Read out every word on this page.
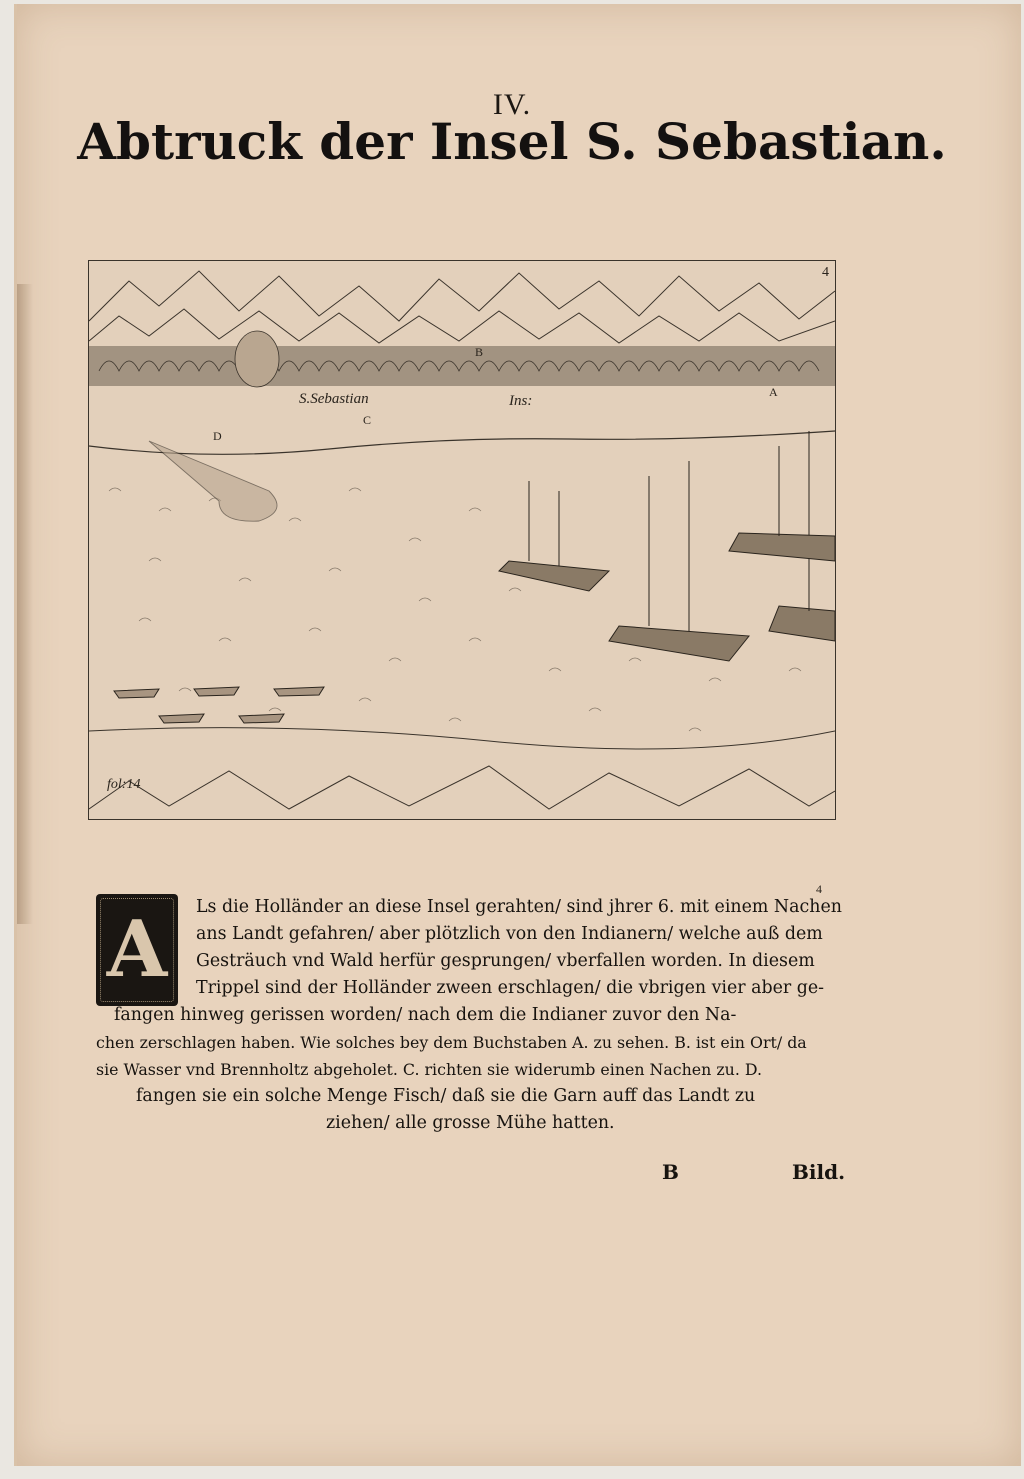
IV.
Abtruck der Insel S. Sebastian.
4
S.Sebastian	Ins:
A
B
C
D
fol:14
4
A	Ls die Holländer an diese Insel gerahten/ sind jhrer 6. mit einem Nachen
ans Landt gefahren/ aber plötzlich von den Indianern/ welche auß dem
Gesträuch vnd Wald herfür gesprungen/ vberfallen worden. In diesem
Trippel sind der Holländer zween erschlagen/ die vbrigen vier aber ge-
fangen hinweg gerissen worden/ nach dem die Indianer zuvor den Na-
chen zerschlagen haben. Wie solches bey dem Buchstaben A. zu sehen. B. ist ein Ort/ da
sie Wasser vnd Brennholtz abgeholet. C. richten sie widerumb einen Nachen zu. D.
fangen sie ein solche Menge Fisch/ daß sie die Garn auff das Landt zu
ziehen/ alle grosse Mühe hatten.
B	Bild.
